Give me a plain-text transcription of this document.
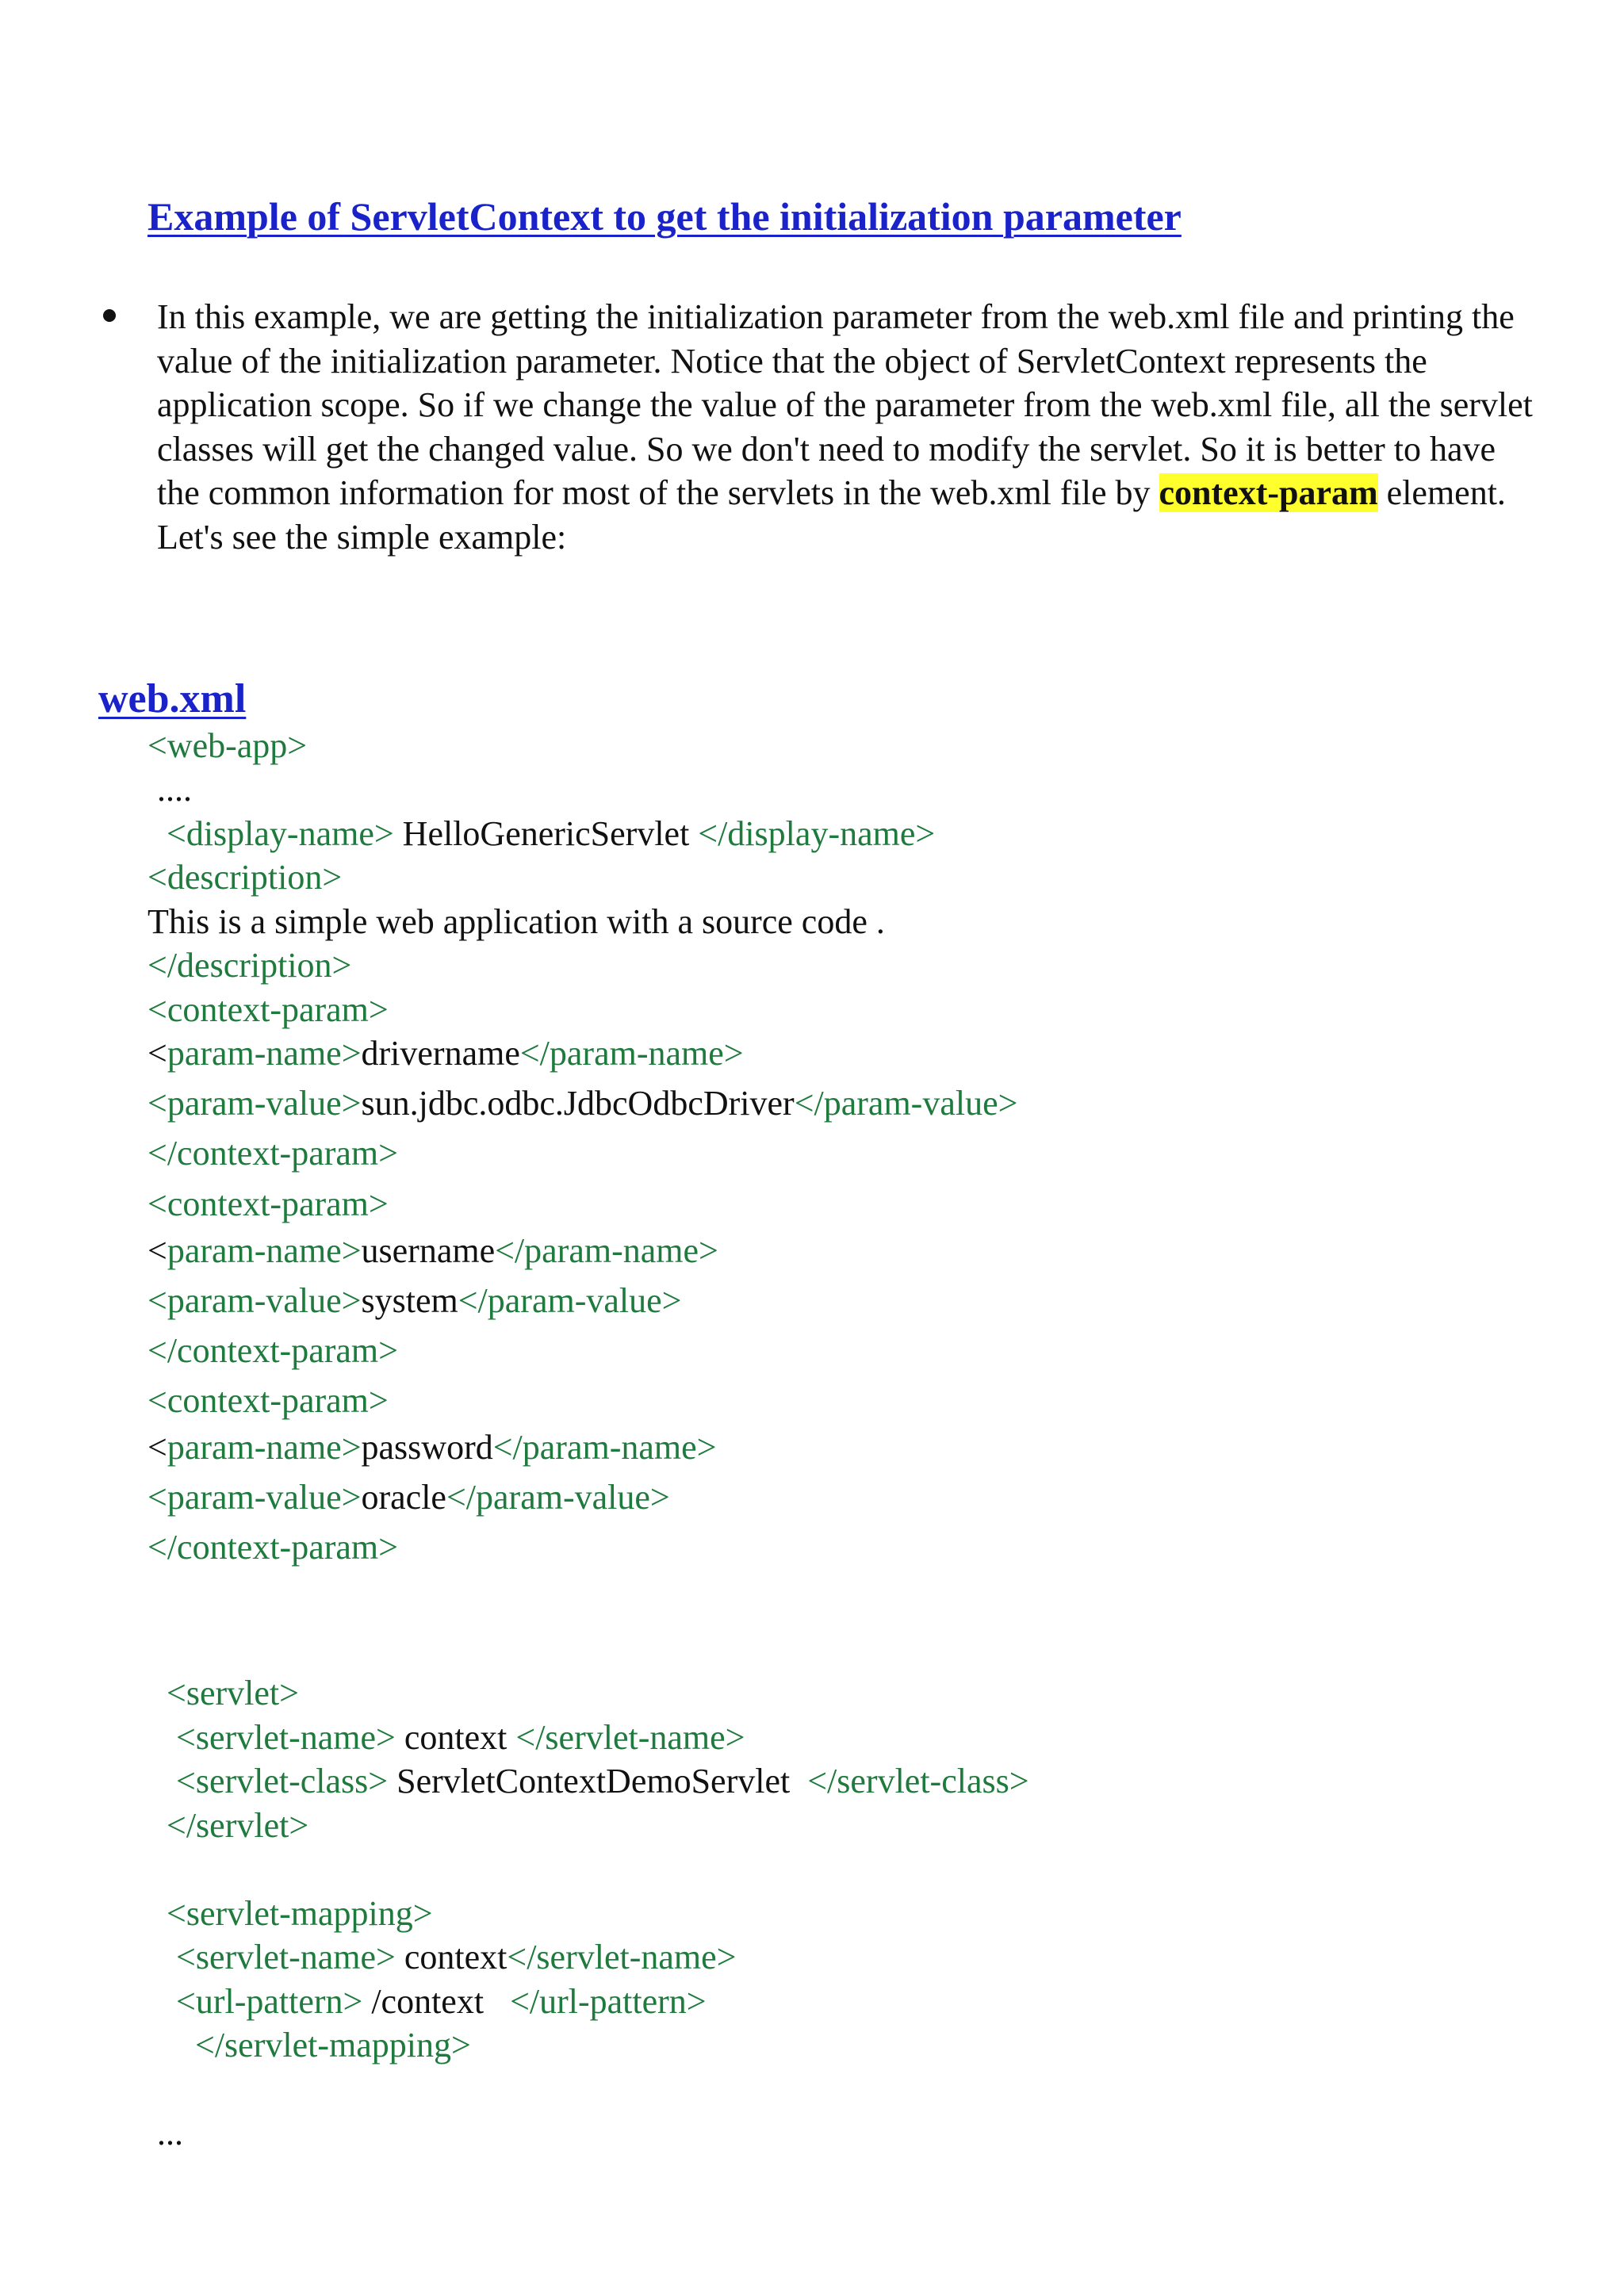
Example of ServletContext to get the initialization parameter

In this example, we are getting the initialization parameter from the web.xml file and printing the value of the initialization parameter. Notice that the object of ServletContext represents the application scope. So if we change the value of the parameter from the web.xml file, all the servlet classes will get the changed value. So we don't need to modify the servlet. So it is better to have the common information for most of the servlets in the web.xml file by context-param element. Let's see the simple example:

web.xml
<web-app>
....
<display-name> HelloGenericServlet </display-name>
<description>
This is a simple web application with a source code .
</description>
<context-param>
<param-name>drivername</param-name>
<param-value>sun.jdbc.odbc.JdbcOdbcDriver</param-value>
</context-param>
<context-param>
<param-name>username</param-name>
<param-value>system</param-value>
</context-param>
<context-param>
<param-name>password</param-name>
<param-value>oracle</param-value>
</context-param>
<servlet>
<servlet-name> context </servlet-name>
<servlet-class> ServletContextDemoServlet  </servlet-class>
</servlet>
<servlet-mapping>
<servlet-name> context</servlet-name>
<url-pattern> /context   </url-pattern>
</servlet-mapping>
...
